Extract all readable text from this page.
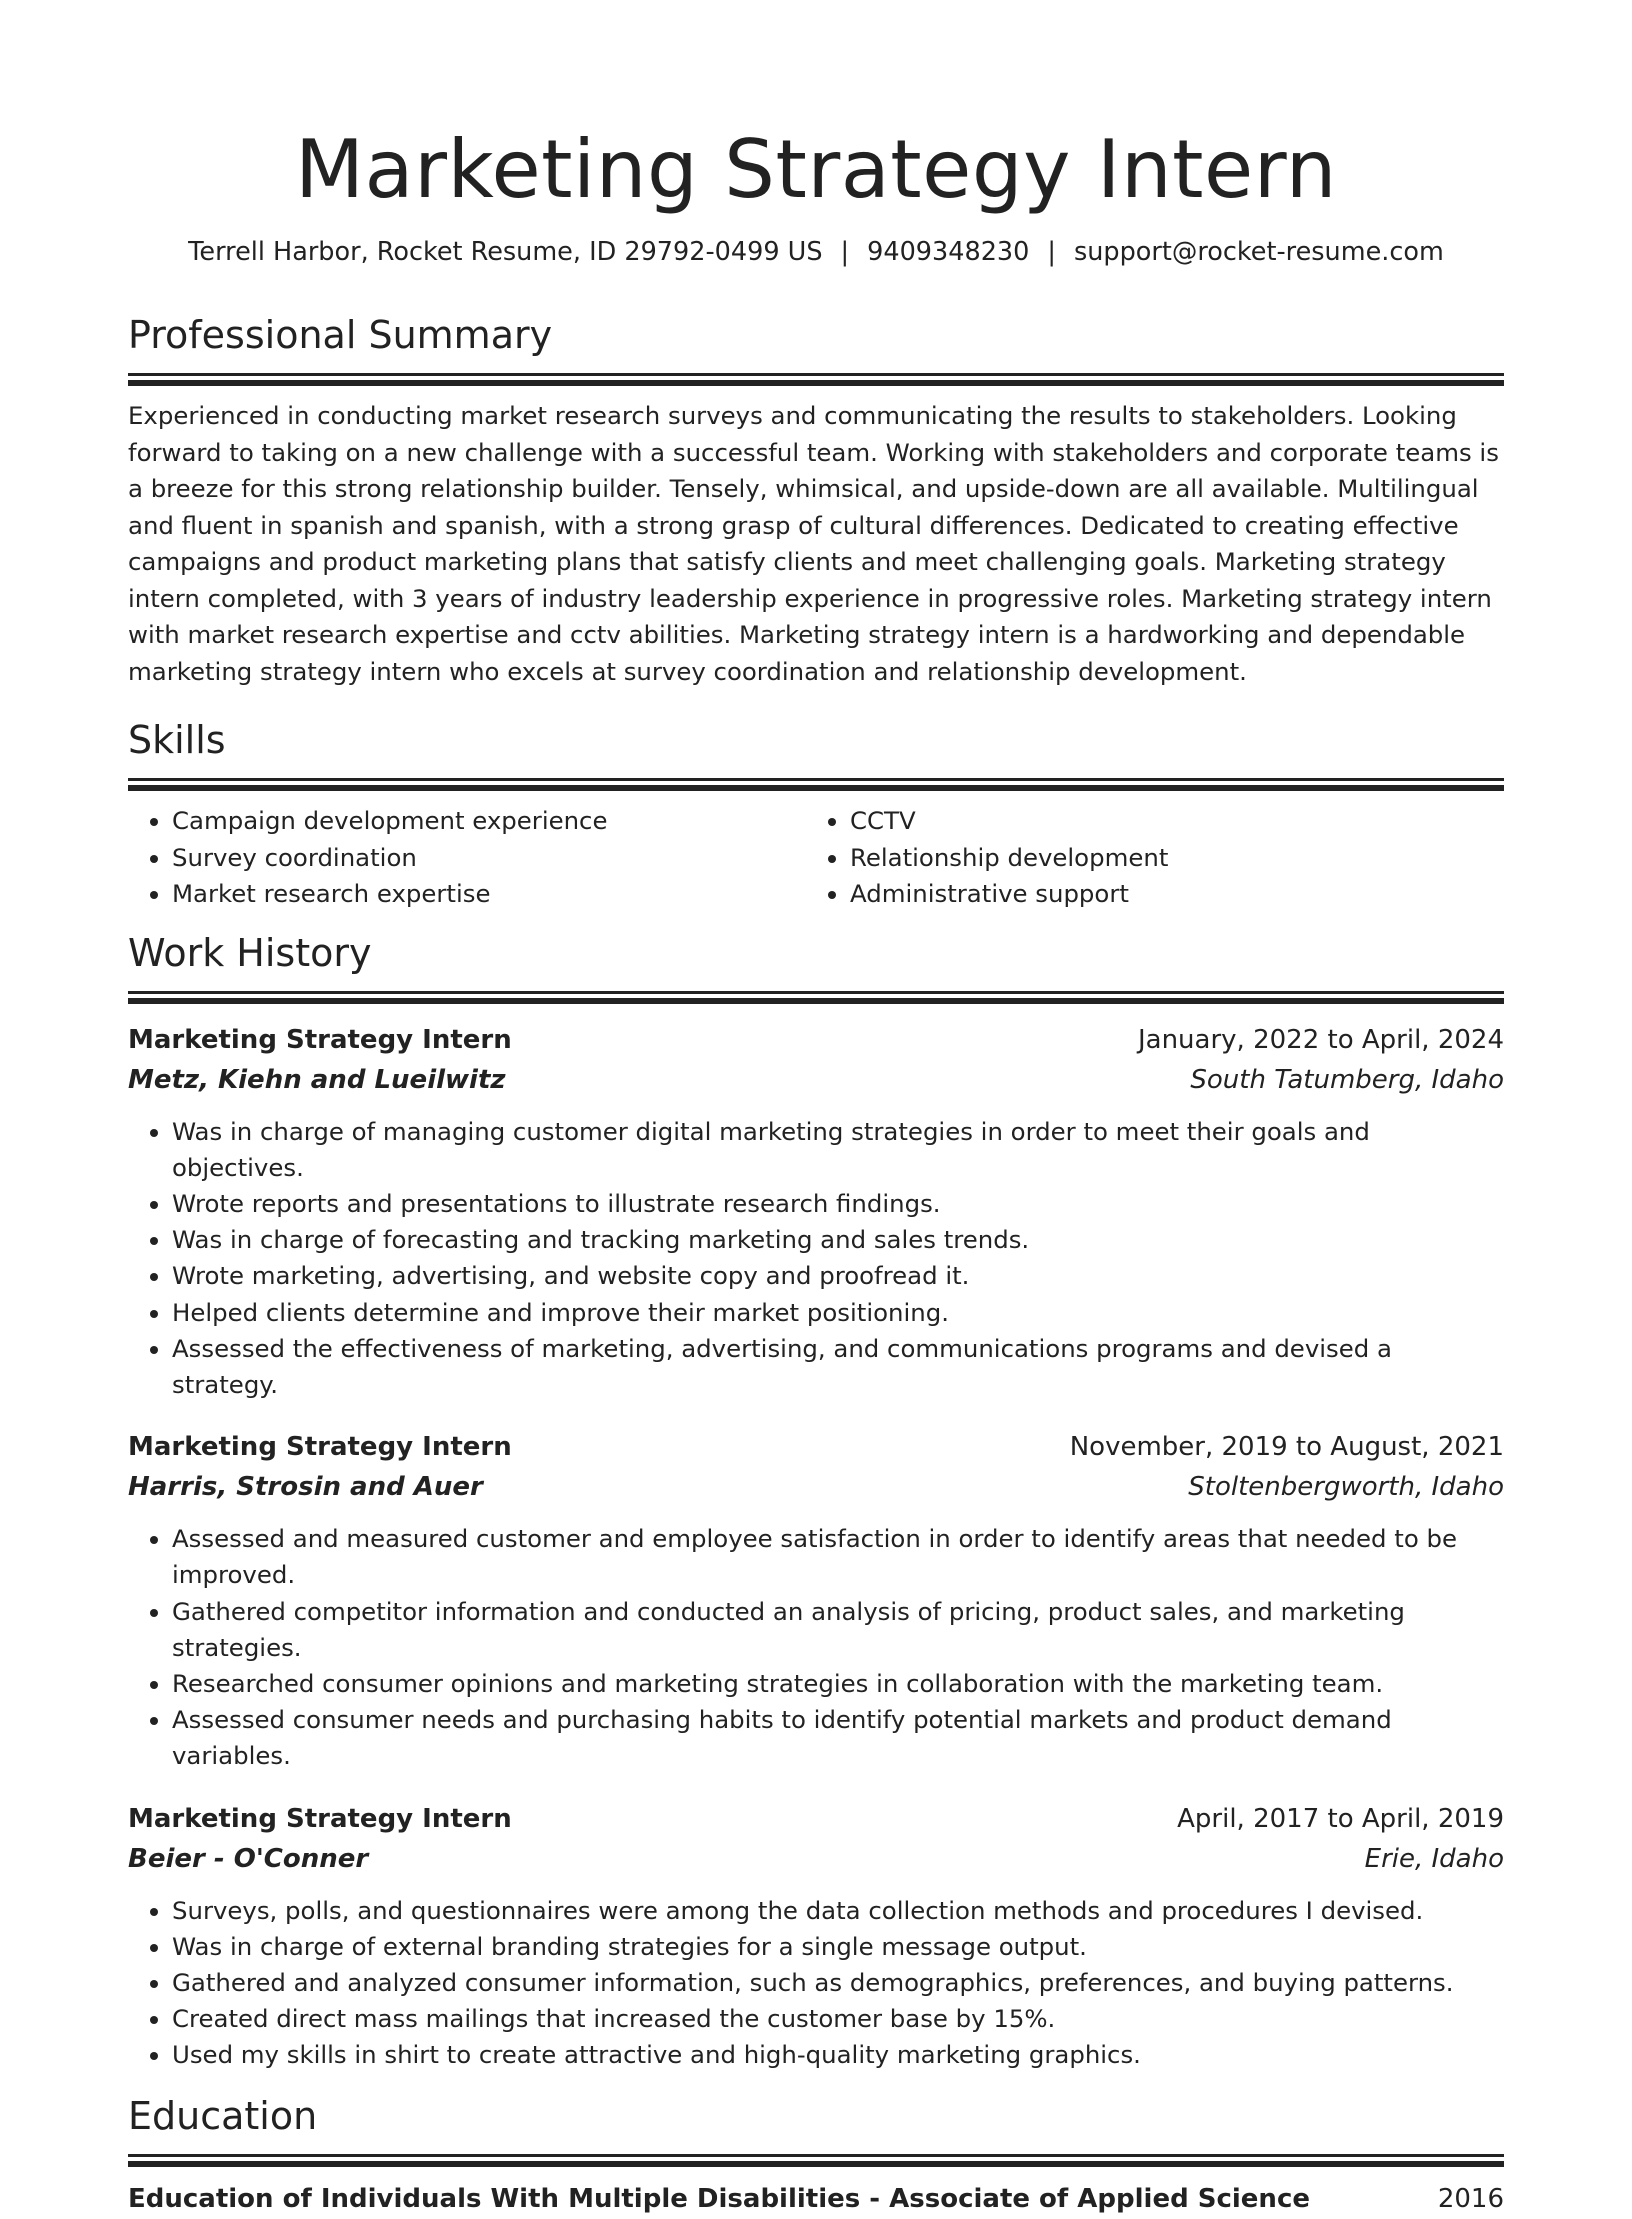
Marketing Strategy Intern
Terrell Harbor, Rocket Resume, ID 29792-0499 US | 9409348230 | support@rocket-resume.com
Professional Summary
Experienced in conducting market research surveys and communicating the results to stakeholders. Looking forward to taking on a new challenge with a successful team. Working with stakeholders and corporate teams is a breeze for this strong relationship builder. Tensely, whimsical, and upside-down are all available. Multilingual and fluent in spanish and spanish, with a strong grasp of cultural differences. Dedicated to creating effective campaigns and product marketing plans that satisfy clients and meet challenging goals. Marketing strategy intern completed, with 3 years of industry leadership experience in progressive roles. Marketing strategy intern with market research expertise and cctv abilities. Marketing strategy intern is a hardworking and dependable marketing strategy intern who excels at survey coordination and relationship development.
Skills
• Campaign development experience
• Survey coordination
• Market research expertise
• CCTV
• Relationship development
• Administrative support
Work History
Marketing Strategy Intern	January, 2022 to April, 2024
Metz, Kiehn and Lueilwitz	South Tatumberg, Idaho
• Was in charge of managing customer digital marketing strategies in order to meet their goals and objectives.
• Wrote reports and presentations to illustrate research findings.
• Was in charge of forecasting and tracking marketing and sales trends.
• Wrote marketing, advertising, and website copy and proofread it.
• Helped clients determine and improve their market positioning.
• Assessed the effectiveness of marketing, advertising, and communications programs and devised a strategy.
Marketing Strategy Intern	November, 2019 to August, 2021
Harris, Strosin and Auer	Stoltenbergworth, Idaho
• Assessed and measured customer and employee satisfaction in order to identify areas that needed to be improved.
• Gathered competitor information and conducted an analysis of pricing, product sales, and marketing strategies.
• Researched consumer opinions and marketing strategies in collaboration with the marketing team.
• Assessed consumer needs and purchasing habits to identify potential markets and product demand variables.
Marketing Strategy Intern	April, 2017 to April, 2019
Beier - O'Conner	Erie, Idaho
• Surveys, polls, and questionnaires were among the data collection methods and procedures I devised.
• Was in charge of external branding strategies for a single message output.
• Gathered and analyzed consumer information, such as demographics, preferences, and buying patterns.
• Created direct mass mailings that increased the customer base by 15%.
• Used my skills in shirt to create attractive and high-quality marketing graphics.
Education
Education of Individuals With Multiple Disabilities - Associate of Applied Science	2016
